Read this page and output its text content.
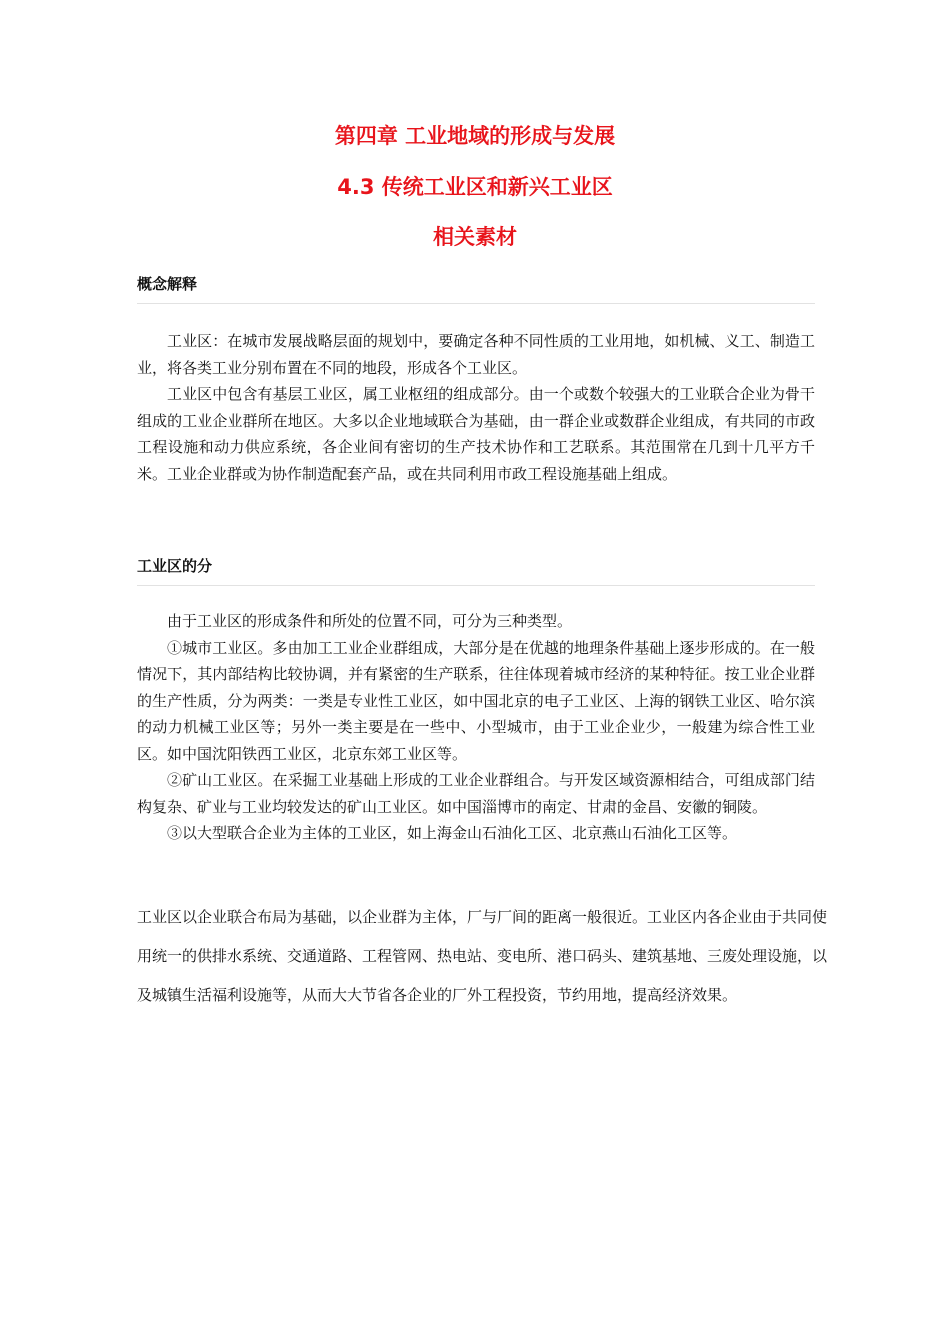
第四章 工业地域的形成与发展
4.3 传统工业区和新兴工业区
相关素材
概念解释

工业区：在城市发展战略层面的规划中，要确定各种不同性质的工业用地，如机械、义工、制造工业，将各类工业分别布置在不同的地段，形成各个工业区。

工业区中包含有基层工业区，属工业枢纽的组成部分。由一个或数个较强大的工业联合企业为骨干组成的工业企业群所在地区。大多以企业地域联合为基础，由一群企业或数群企业组成，有共同的市政工程设施和动力供应系统，各企业间有密切的生产技术协作和工艺联系。其范围常在几到十几平方千米。工业企业群或为协作制造配套产品，或在共同利用市政工程设施基础上组成。

工业区的分

由于工业区的形成条件和所处的位置不同，可分为三种类型。

①城市工业区。多由加工工业企业群组成，大部分是在优越的地理条件基础上逐步形成的。在一般情况下，其内部结构比较协调，并有紧密的生产联系，往往体现着城市经济的某种特征。按工业企业群的生产性质，分为两类：一类是专业性工业区，如中国北京的电子工业区、上海的钢铁工业区、哈尔滨的动力机械工业区等；另外一类主要是在一些中、小型城市，由于工业企业少，一般建为综合性工业区。如中国沈阳铁西工业区，北京东郊工业区等。

②矿山工业区。在采掘工业基础上形成的工业企业群组合。与开发区域资源相结合，可组成部门结构复杂、矿业与工业均较发达的矿山工业区。如中国淄博市的南定、甘肃的金昌、安徽的铜陵。

③以大型联合企业为主体的工业区，如上海金山石油化工区、北京燕山石油化工区等。

工业区以企业联合布局为基础，以企业群为主体，厂与厂间的距离一般很近。工业区内各企业由于共同使用统一的供排水系统、交通道路、工程管网、热电站、变电所、港口码头、建筑基地、三废处理设施，以及城镇生活福利设施等，从而大大节省各企业的厂外工程投资，节约用地，提高经济效果。
